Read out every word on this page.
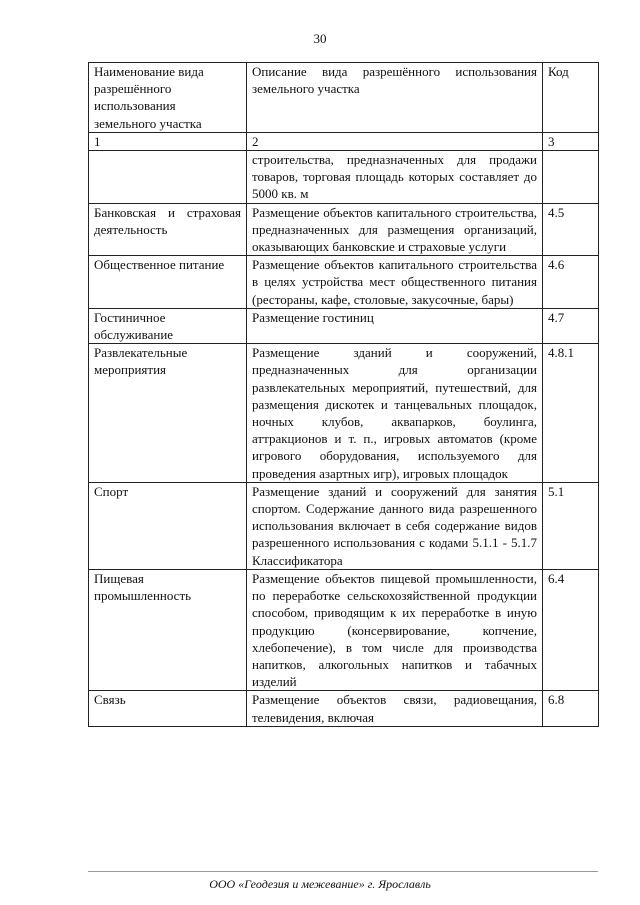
30
Наименование вида разрешённого использования земельного участка	Описание вида разрешённого использования земельного участка	Код
1	2	3
	строительства, предназначенных для продажи товаров, торговая площадь которых составляет до 5000 кв. м	
Банковская и страховая деятельность	Размещение объектов капитального строительства, предназначенных для размещения организаций, оказывающих банковские и страховые услуги	4.5
Общественное питание	Размещение объектов капитального строительства в целях устройства мест общественного питания (рестораны, кафе, столовые, закусочные, бары)	4.6
Гостиничное обслуживание	Размещение гостиниц	4.7
Развлекательные мероприятия	Размещение зданий и сооружений, предназначенных для организации развлекательных мероприятий, путешествий, для размещения дискотек и танцевальных площадок, ночных клубов, аквапарков, боулинга, аттракционов и т. п., игровых автоматов (кроме игрового оборудования, используемого для проведения азартных игр), игровых площадок	4.8.1
Спорт	Размещение зданий и сооружений для занятия спортом. Содержание данного вида разрешенного использования включает в себя содержание видов разрешенного использования с кодами 5.1.1 - 5.1.7 Классификатора	5.1
Пищевая промышленность	Размещение объектов пищевой промышленности, по переработке сельскохозяйственной продукции способом, приводящим к их переработке в иную продукцию (консервирование, копчение, хлебопечение), в том числе для производства напитков, алкогольных напитков и табачных изделий	6.4
Связь	Размещение объектов связи, радиовещания, телевидения, включая	6.8
ООО «Геодезия и межевание» г. Ярославль
